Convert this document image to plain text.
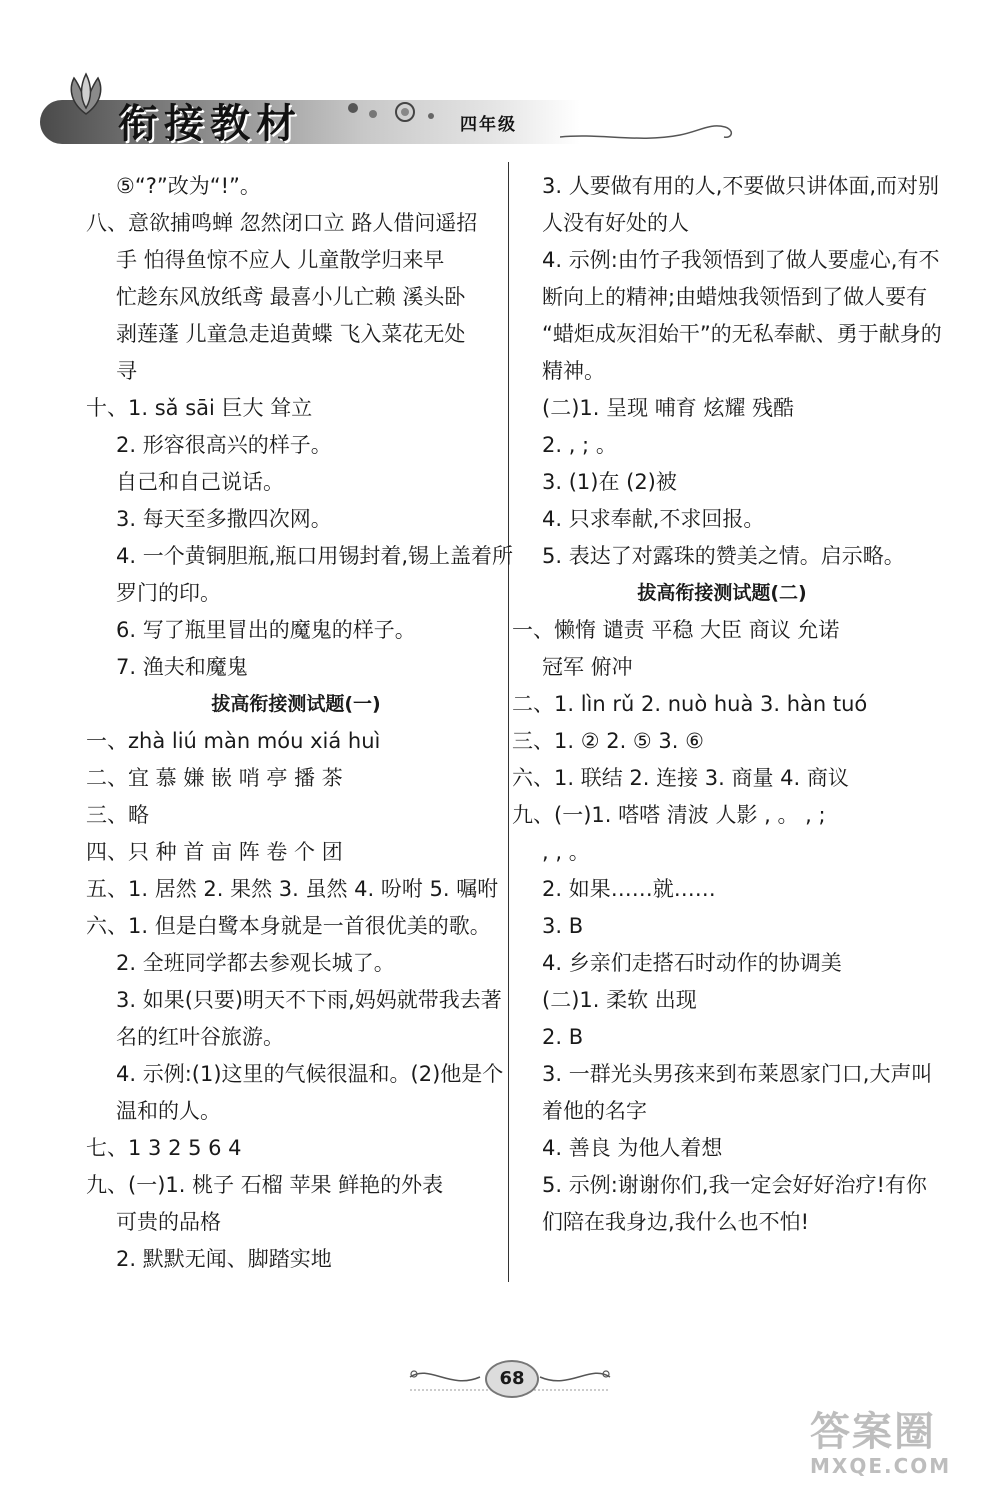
衔接教材	四年级
⑤“?”改为“!”。
八、意欲捕鸣蝉 忽然闭口立 路人借问遥招
手 怕得鱼惊不应人 儿童散学归来早
忙趁东风放纸鸢 最喜小儿亡赖 溪头卧
剥莲蓬 儿童急走追黄蝶 飞入菜花无处
寻
十、1. sǎ sāi 巨大 耸立
2. 形容很高兴的样子。
自己和自己说话。
3. 每天至多撒四次网。
4. 一个黄铜胆瓶,瓶口用锡封着,锡上盖着所
罗门的印。
6. 写了瓶里冒出的魔鬼的样子。
7. 渔夫和魔鬼
拔高衔接测试题(一)
一、zhà liú màn móu xiá huì
二、宜 慕 嫌 嵌 哨 亭 播 茶
三、略
四、只 种 首 亩 阵 卷 个 团
五、1. 居然 2. 果然 3. 虽然 4. 吩咐 5. 嘱咐
六、1. 但是白鹭本身就是一首很优美的歌。
2. 全班同学都去参观长城了。
3. 如果(只要)明天不下雨,妈妈就带我去著
名的红叶谷旅游。
4. 示例:(1)这里的气候很温和。(2)他是个
温和的人。
七、1 3 2 5 6 4
九、(一)1. 桃子 石榴 苹果 鲜艳的外表
可贵的品格
2. 默默无闻、脚踏实地
3. 人要做有用的人,不要做只讲体面,而对别
人没有好处的人
4. 示例:由竹子我领悟到了做人要虚心,有不
断向上的精神;由蜡烛我领悟到了做人要有
“蜡炬成灰泪始干”的无私奉献、勇于献身的
精神。
(二)1. 呈现 哺育 炫耀 残酷
2. , ; 。
3. (1)在 (2)被
4. 只求奉献,不求回报。
5. 表达了对露珠的赞美之情。启示略。
拔高衔接测试题(二)
一、懒惰 谴责 平稳 大臣 商议 允诺
冠军 俯冲
二、1. lìn rǔ 2. nuò huà 3. hàn tuó
三、1. ② 2. ⑤ 3. ⑥
六、1. 联结 2. 连接 3. 商量 4. 商议
九、(一)1. 嗒嗒 清波 人影 , 。 , ;
, , 。
2. 如果……就……
3. B
4. 乡亲们走搭石时动作的协调美
(二)1. 柔软 出现
2. B
3. 一群光头男孩来到布莱恩家门口,大声叫
着他的名字
4. 善良 为他人着想
5. 示例:谢谢你们,我一定会好好治疗!有你
们陪在我身边,我什么也不怕!
68
答案圈
MXQE.COM
